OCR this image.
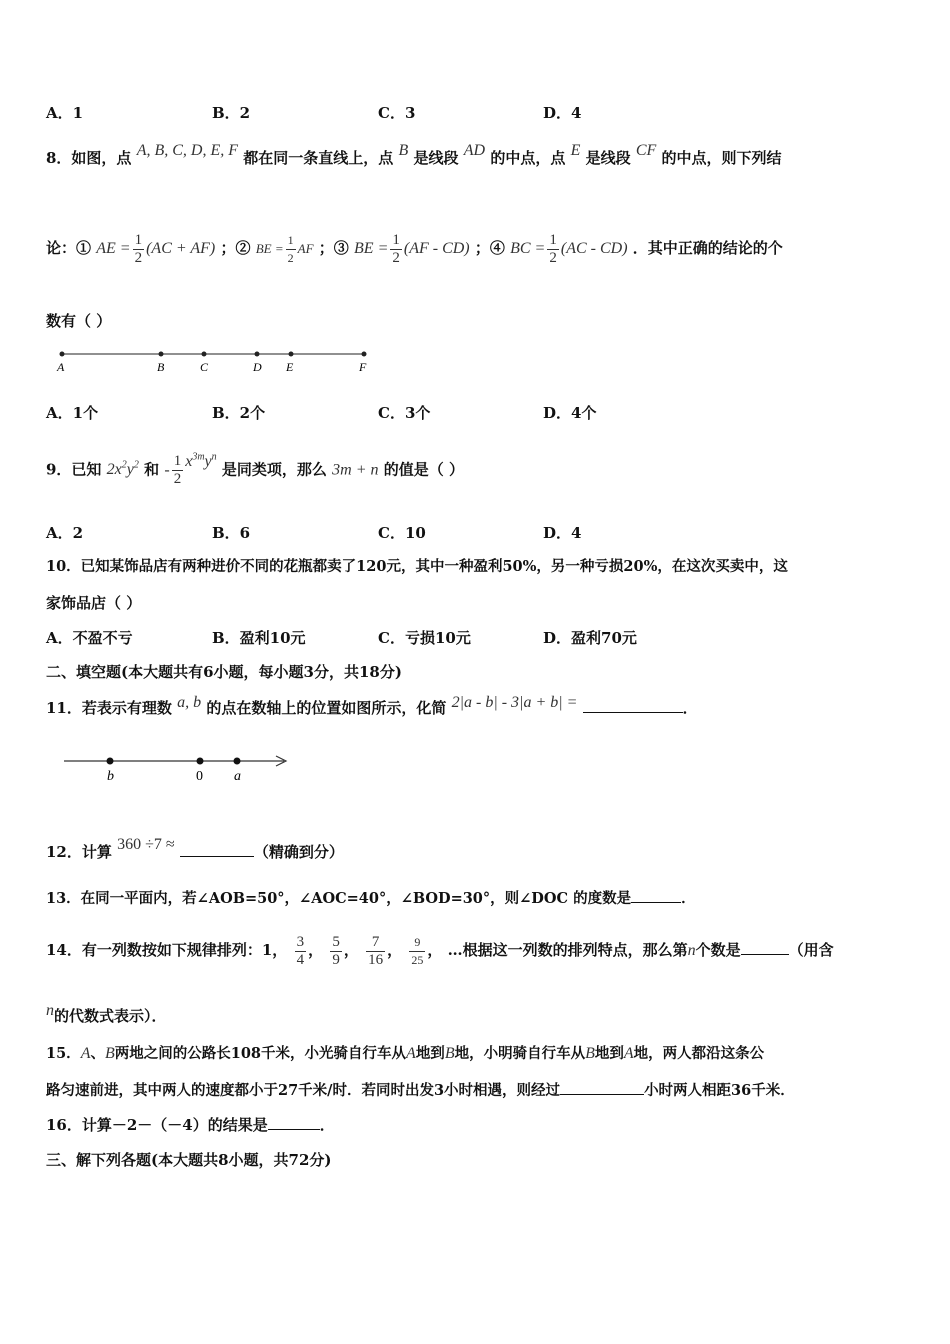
A．1	B．2	C．3	D．4
8．如图，点 A, B, C, D, E, F 都在同一条直线上，点 B 是线段 AD 的中点，点 E 是线段 CF 的中点，则下列结
论：① AE = $\frac{1}{2} (AC + AF)$ ；② BE = $\frac{1}{2}$ AF ；③ BE = $\frac{1}{2} (AF - CD)$ ；④ BC = $\frac{1}{2} (AC - CD)$ ．其中正确的结论的个
数有（ ）
A	B	C	D E	F
A．1个	B．2个	C．3个	D．4个
9．已知 $2x^2y^2$ 和 - $\frac{1}{2} x^{3m}y^n$ 是同类项，那么 3m + n 的值是（ ）
A．2	B．6	C．10	D．4
10．已知某饰品店有两种进价不同的花瓶都卖了120元，其中一种盈利50%，另一种亏损20%，在这次买卖中，这
家饰品店（ ）
A．不盈不亏	B．盈利10元	C．亏损10元	D．盈利70元
二、填空题(本大题共有6小题，每小题3分，共18分)
11．若表示有理数 a, b 的点在数轴上的位置如图所示，化简 2|a - b| - 3|a + b| =	．
b	0 a
12．计算 360 ÷7 ≈	（精确到分）
13．在同一平面内，若∠AOB=50°，∠AOC=40°，∠BOD=30°，则∠DOC 的度数是	．
14．有一列数按如下规律排列：1， $\frac{3}{4}$ ， $\frac{5}{9}$ ， $\frac{7}{16}$ ， $\frac{9}{25}$ ， …根据这一列数的排列特点，那么第n个数是	（用含
n的代数式表示）．
15．A、B两地之间的公路长108千米，小光骑自行车从A地到B地，小明骑自行车从B地到A地，两人都沿这条公
路匀速前进，其中两人的速度都小于27千米/时．若同时出发3小时相遇，则经过	小时两人相距36千米．
16．计算－2－（－4）的结果是	．
三、解下列各题(本大题共8小题，共72分)
